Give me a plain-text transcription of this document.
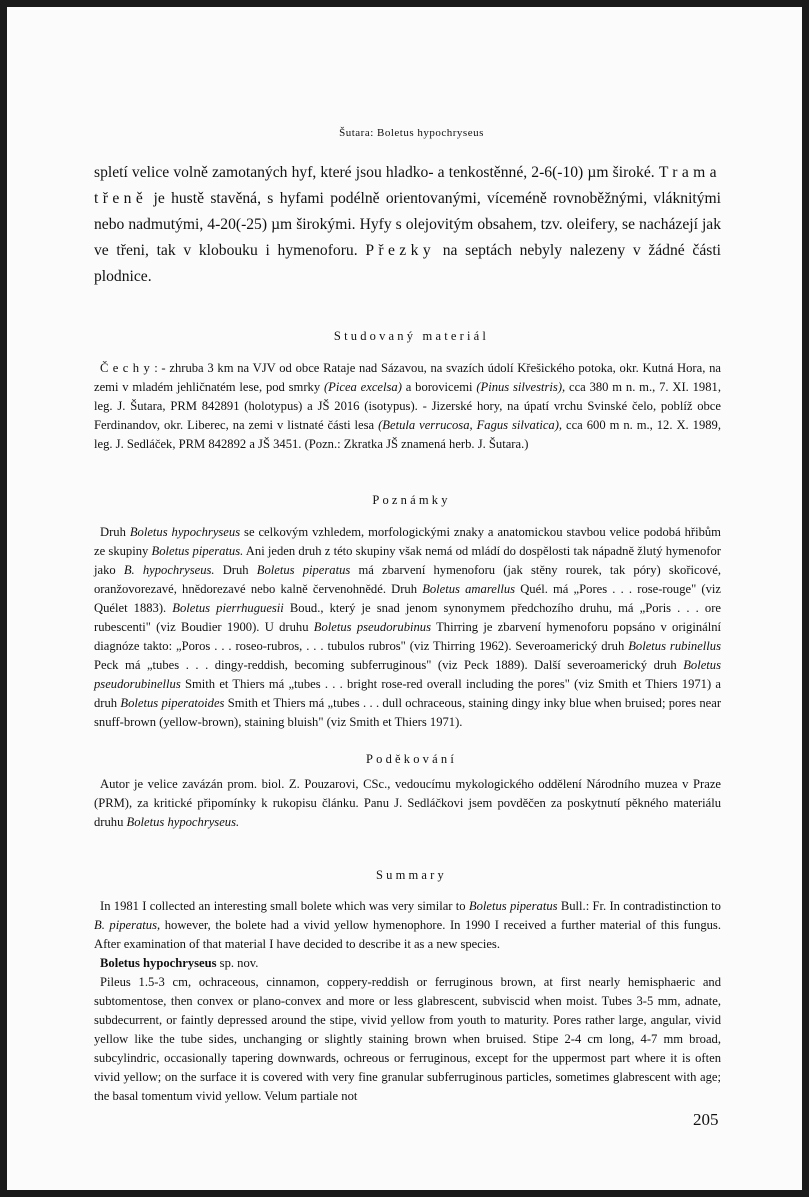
Šutara: Boletus hypochryseus

spletí velice volně zamotaných hyf, které jsou hladko- a tenkostěnné, 2-6(-10) µm široké. Trama třeně je hustě stavěná, s hyfami podélně orientovanými, víceméně rovnoběžnými, vláknitými nebo nadmutými, 4-20(-25) µm širokými. Hyfy s olejovitým obsahem, tzv. oleifery, se nacházejí jak ve třeni, tak v klobouku i hymenoforu. Přezky na septách nebyly nalezeny v žádné části plodnice.

Studovaný materiál

Čechy: - zhruba 3 km na VJV od obce Rataje nad Sázavou, na svazích údolí Křešického potoka, okr. Kutná Hora, na zemi v mladém jehličnatém lese, pod smrky (Picea excelsa) a borovicemi (Pinus silvestris), cca 380 m n. m., 7. XI. 1981, leg. J. Šutara, PRM 842891 (holotypus) a JŠ 2016 (isotypus). - Jizerské hory, na úpatí vrchu Svinské čelo, poblíž obce Ferdinandov, okr. Liberec, na zemi v listnaté části lesa (Betula verrucosa, Fagus silvatica), cca 600 m n. m., 12. X. 1989, leg. J. Sedláček, PRM 842892 a JŠ 3451. (Pozn.: Zkratka JŠ znamená herb. J. Šutara.)

Poznámky

Druh Boletus hypochryseus se celkovým vzhledem, morfologickými znaky a anatomickou stavbou velice podobá hřibům ze skupiny Boletus piperatus. Ani jeden druh z této skupiny však nemá od mládí do dospělosti tak nápadně žlutý hymenofor jako B. hypochryseus. Druh Boletus piperatus má zbarvení hymenoforu (jak stěny rourek, tak póry) skořicové, oranžovorezavé, hnědorezavé nebo kalně červenohnědé. Druh Boletus amarellus Quél. má „Pores . . . rose-rouge" (viz Quélet 1883). Boletus pierrhuguesii Boud., který je snad jenom synonymem předchozího druhu, má „Poris . . . ore rubescenti" (viz Boudier 1900). U druhu Boletus pseudorubinus Thirring je zbarvení hymenoforu popsáno v originální diagnóze takto: „Poros . . . roseo-rubros, . . . tubulos rubros" (viz Thirring 1962). Severoamerický druh Boletus rubinellus Peck má „tubes . . . dingy-reddish, becoming subferruginous" (viz Peck 1889). Další severoamerický druh Boletus pseudorubinellus Smith et Thiers má „tubes . . . bright rose-red overall including the pores" (viz Smith et Thiers 1971) a druh Boletus piperatoides Smith et Thiers má „tubes . . . dull ochraceous, staining dingy inky blue when bruised; pores near snuff-brown (yellow-brown), staining bluish" (viz Smith et Thiers 1971).

Poděkování

Autor je velice zavázán prom. biol. Z. Pouzarovi, CSc., vedoucímu mykologického oddělení Národního muzea v Praze (PRM), za kritické připomínky k rukopisu článku. Panu J. Sedláčkovi jsem povděčen za poskytnutí pěkného materiálu druhu Boletus hypochryseus.

Summary

In 1981 I collected an interesting small bolete which was very similar to Boletus piperatus Bull.: Fr. In contradistinction to B. piperatus, however, the bolete had a vivid yellow hymenophore. In 1990 I received a further material of this fungus. After examination of that material I have decided to describe it as a new species.

Boletus hypochryseus sp. nov.

Pileus 1.5-3 cm, ochraceous, cinnamon, coppery-reddish or ferruginous brown, at first nearly hemisphaeric and subtomentose, then convex or plano-convex and more or less glabrescent, subviscid when moist. Tubes 3-5 mm, adnate, subdecurrent, or faintly depressed around the stipe, vivid yellow from youth to maturity. Pores rather large, angular, vivid yellow like the tube sides, unchanging or slightly staining brown when bruised. Stipe 2-4 cm long, 4-7 mm broad, subcylindric, occasionally tapering downwards, ochreous or ferruginous, except for the uppermost part where it is often vivid yellow; on the surface it is covered with very fine granular subferruginous particles, sometimes glabrescent with age; the basal tomentum vivid yellow. Velum partiale not

205
